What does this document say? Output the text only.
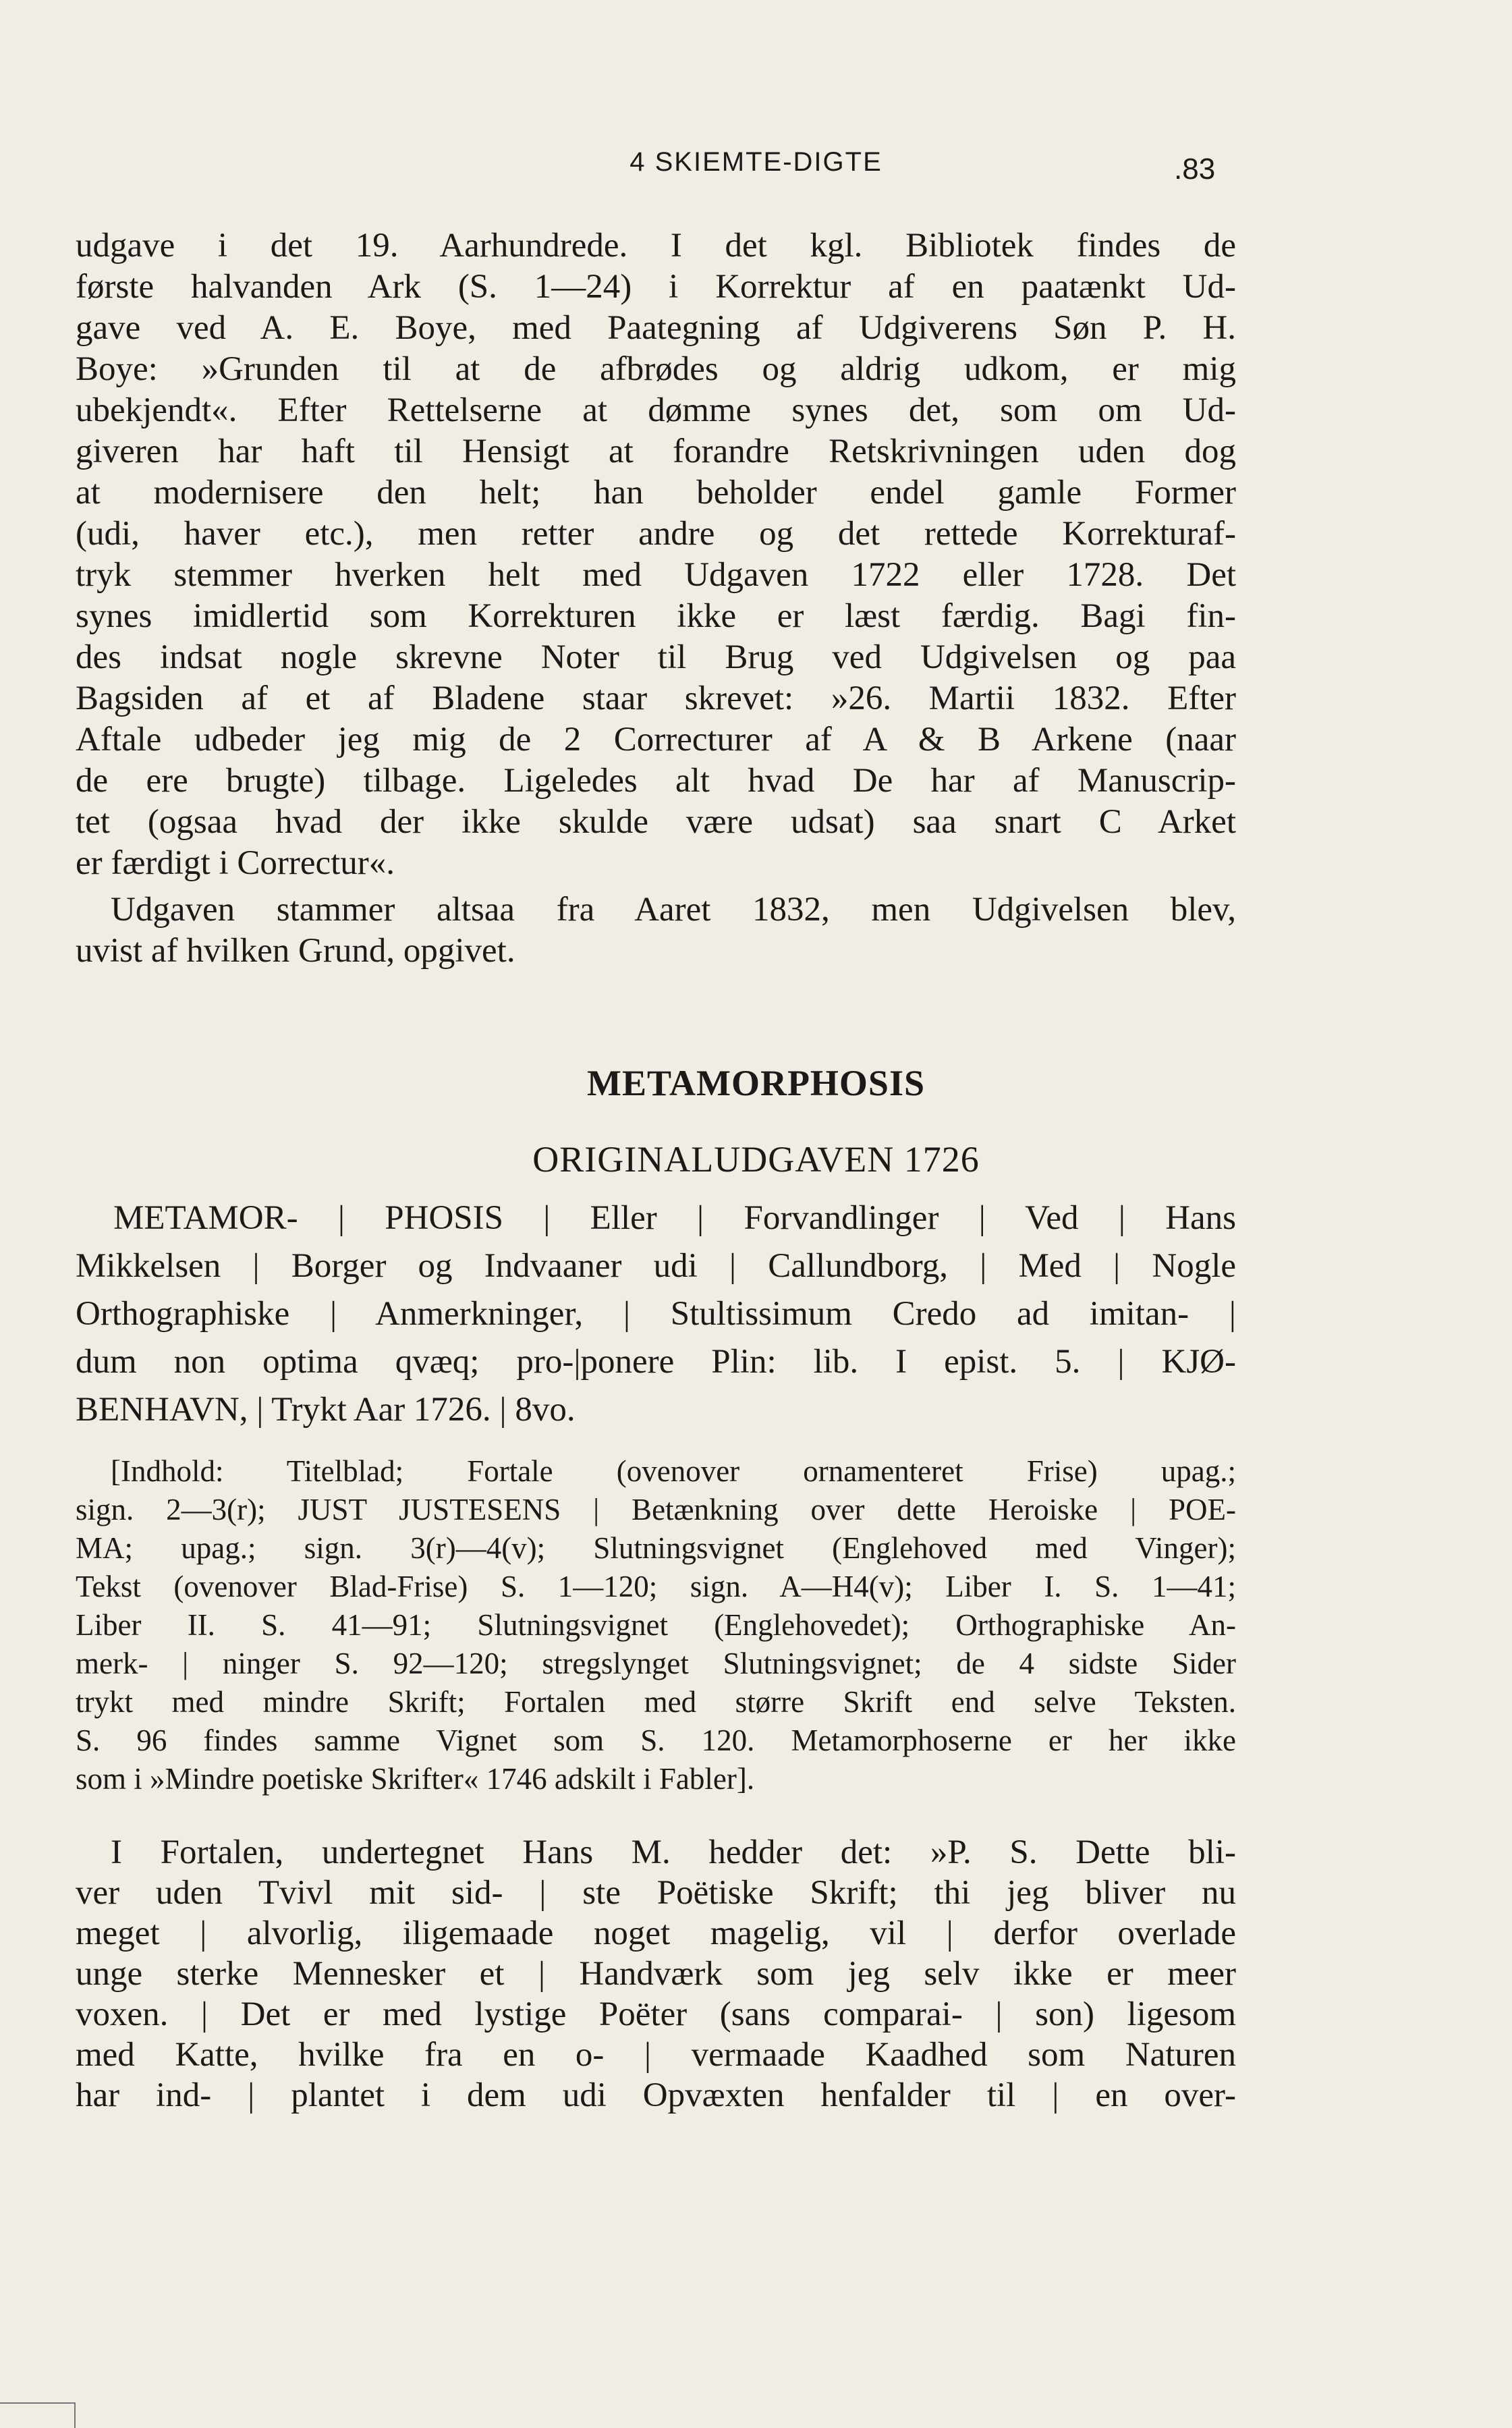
4 SKIEMTE-DIGTE	.83
udgave i det 19. Aarhundrede. I det kgl. Bibliotek findes de
første halvanden Ark (S. 1—24) i Korrektur af en paatænkt Ud-
gave ved A. E. Boye, med Paategning af Udgiverens Søn P. H.
Boye: »Grunden til at de afbrødes og aldrig udkom, er mig
ubekjendt«. Efter Rettelserne at dømme synes det, som om Ud-
giveren har haft til Hensigt at forandre Retskrivningen uden dog
at modernisere den helt; han beholder endel gamle Former
(udi, haver etc.), men retter andre og det rettede Korrekturaf-
tryk stemmer hverken helt med Udgaven 1722 eller 1728. Det
synes imidlertid som Korrekturen ikke er læst færdig. Bagi fin-
des indsat nogle skrevne Noter til Brug ved Udgivelsen og paa
Bagsiden af et af Bladene staar skrevet: »26. Martii 1832. Efter
Aftale udbeder jeg mig de 2 Correcturer af A & B Arkene (naar
de ere brugte) tilbage. Ligeledes alt hvad De har af Manuscrip-
tet (ogsaa hvad der ikke skulde være udsat) saa snart C Arket
er færdigt i Correctur«.
Udgaven stammer altsaa fra Aaret 1832, men Udgivelsen blev,
uvist af hvilken Grund, opgivet.
METAMORPHOSIS
ORIGINALUDGAVEN 1726
METAMOR- | PHOSIS | Eller | Forvandlinger | Ved | Hans
Mikkelsen | Borger og Indvaaner udi | Callundborg, | Med | Nogle
Orthographiske | Anmerkninger, | Stultissimum Credo ad imitan- |
dum non optima qvæq; pro-|ponere Plin: lib. I epist. 5. | KJØ-
BENHAVN, | Trykt Aar 1726. | 8vo.
[Indhold: Titelblad; Fortale (ovenover ornamenteret Frise) upag.;
sign. 2—3(r); JUST JUSTESENS | Betænkning over dette Heroiske | POE-
MA; upag.; sign. 3(r)—4(v); Slutningsvignet (Englehoved med Vinger);
Tekst (ovenover Blad-Frise) S. 1—120; sign. A—H4(v); Liber I. S. 1—41;
Liber II. S. 41—91; Slutningsvignet (Englehovedet); Orthographiske An-
merk- | ninger S. 92—120; stregslynget Slutningsvignet; de 4 sidste Sider
trykt med mindre Skrift; Fortalen med større Skrift end selve Teksten.
S. 96 findes samme Vignet som S. 120. Metamorphoserne er her ikke
som i »Mindre poetiske Skrifter« 1746 adskilt i Fabler].
I Fortalen, undertegnet Hans M. hedder det: »P. S. Dette bli-
ver uden Tvivl mit sid- | ste Poëtiske Skrift; thi jeg bliver nu
meget | alvorlig, iligemaade noget magelig, vil | derfor overlade
unge sterke Mennesker et | Handværk som jeg selv ikke er meer
voxen. | Det er med lystige Poëter (sans comparai- | son) ligesom
med Katte, hvilke fra en o- | vermaade Kaadhed som Naturen
har ind- | plantet i dem udi Opvæxten henfalder til | en over-
